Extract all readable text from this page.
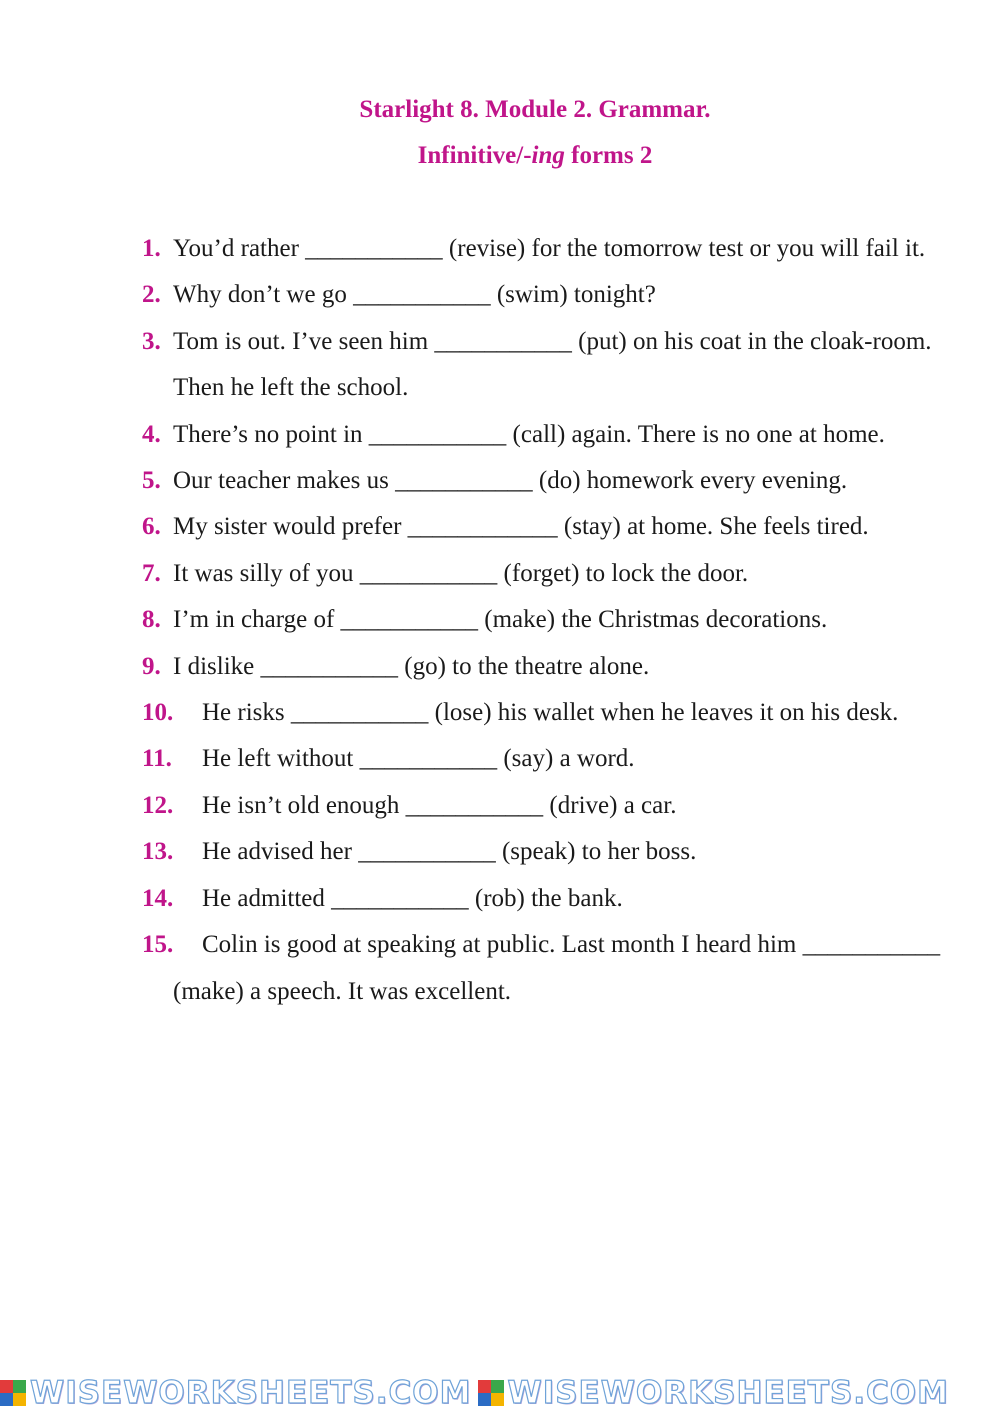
Starlight 8. Module 2. Grammar.
Infinitive/-ing forms 2
1. You’d rather ___________ (revise) for the tomorrow test or you will fail it.
2. Why don’t we go ___________ (swim) tonight?
3. Tom is out. I’ve seen him ___________ (put) on his coat in the cloak-room. Then he left the school.
4. There’s no point in ___________ (call) again. There is no one at home.
5. Our teacher makes us ___________ (do) homework every evening.
6. My sister would prefer ____________ (stay) at home. She feels tired.
7. It was silly of you ___________ (forget) to lock the door.
8. I’m in charge of ___________ (make) the Christmas decorations.
9. I dislike ___________ (go) to the theatre alone.
10. He risks ___________ (lose) his wallet when he leaves it on his desk.
11. He left without ___________ (say) a word.
12. He isn’t old enough ___________ (drive) a car.
13. He advised her ___________ (speak) to her boss.
14. He admitted ___________ (rob) the bank.
15. Colin is good at speaking at public. Last month I heard him ___________ (make) a speech. It was excellent.
WISEWORKSHEETS.COM WISEWORKSHEETS.COM
